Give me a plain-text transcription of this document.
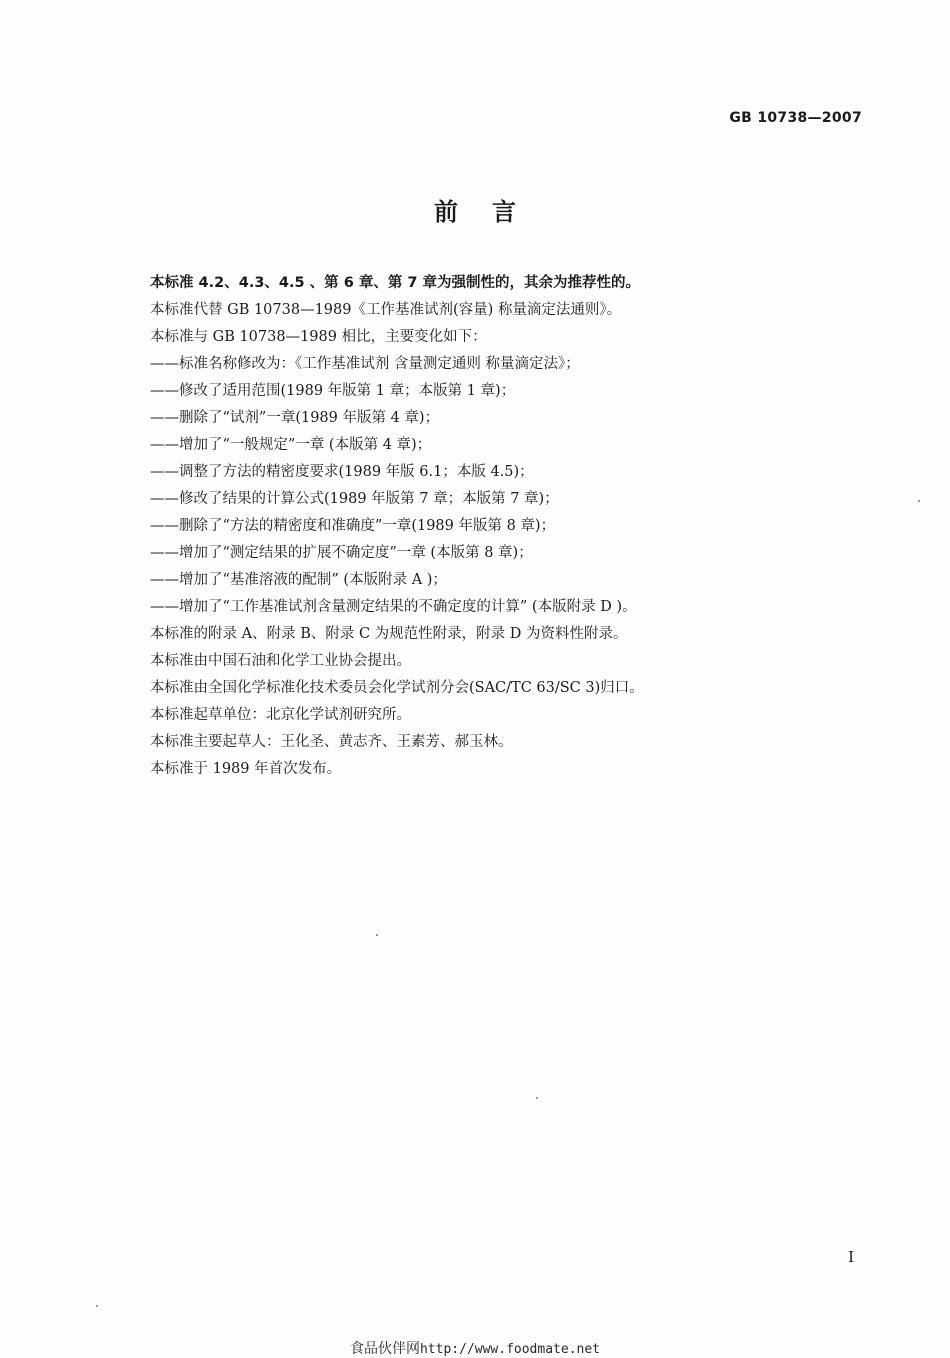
GB 10738—2007
前言
本标准 4.2、4.3、4.5 、第 6 章、第 7 章为强制性的，其余为推荐性的。
本标准代替 GB 10738—1989《工作基准试剂(容量) 称量滴定法通则》。
本标准与 GB 10738—1989 相比，主要变化如下：
——标准名称修改为：《工作基准试剂 含量测定通则 称量滴定法》；
——修改了适用范围(1989 年版第 1 章；本版第 1 章)；
——删除了“试剂”一章(1989 年版第 4 章)；
——增加了“一般规定”一章 (本版第 4 章)；
——调整了方法的精密度要求(1989 年版 6.1；本版 4.5)；
——修改了结果的计算公式(1989 年版第 7 章；本版第 7 章)；
——删除了“方法的精密度和准确度”一章(1989 年版第 8 章)；
——增加了“测定结果的扩展不确定度”一章 (本版第 8 章)；
——增加了“基准溶液的配制” (本版附录 A )；
——增加了“工作基准试剂含量测定结果的不确定度的计算” (本版附录 D )。
本标准的附录 A、附录 B、附录 C 为规范性附录，附录 D 为资料性附录。
本标准由中国石油和化学工业协会提出。
本标准由全国化学标准化技术委员会化学试剂分会(SAC/TC 63/SC 3)归口。
本标准起草单位：北京化学试剂研究所。
本标准主要起草人：王化圣、黄志齐、王素芳、郝玉林。
本标准于 1989 年首次发布。
I
食品伙伴网http://www.foodmate.net
